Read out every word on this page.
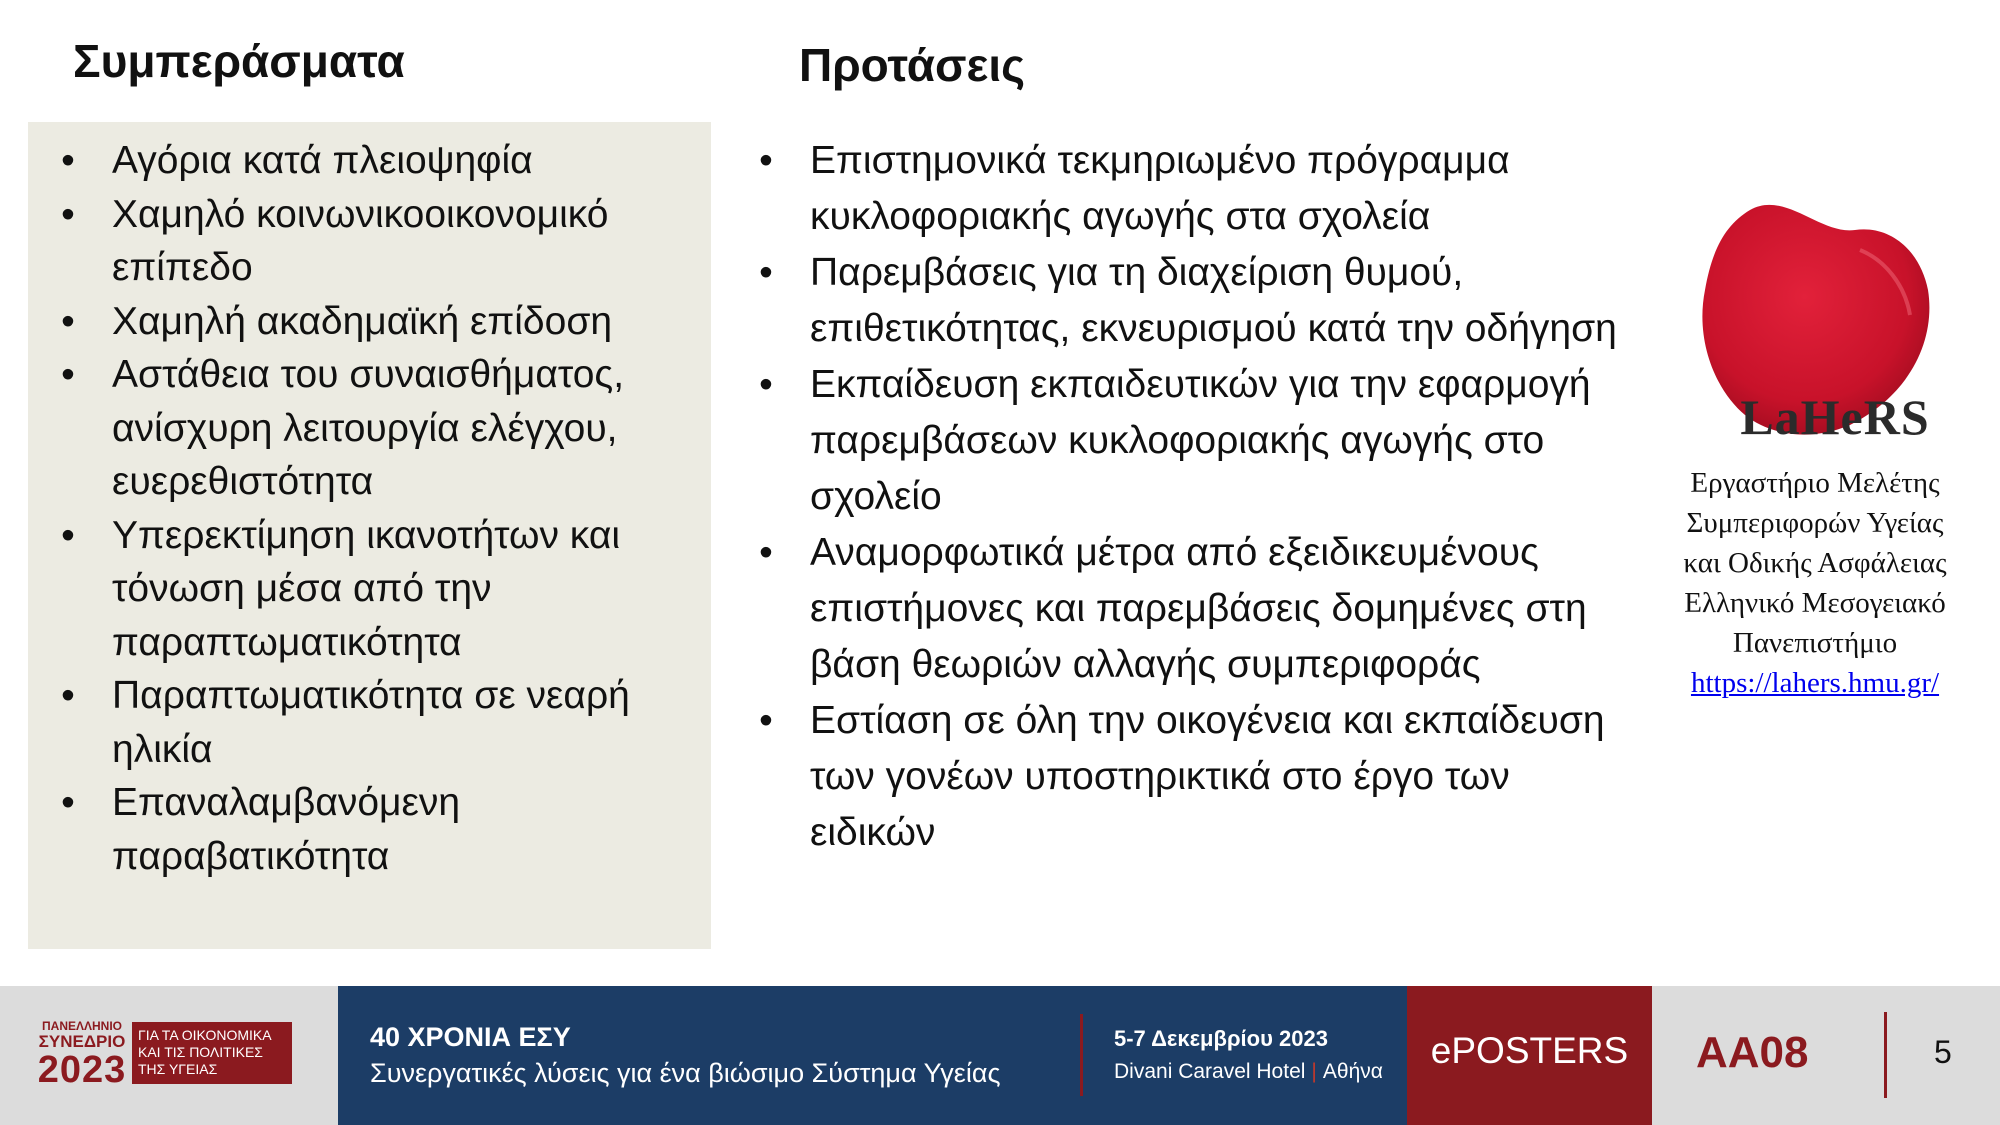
Συμπεράσματα	Προτάσεις
• Αγόρια κατά πλειοψηφία
• Χαμηλό κοινωνικοοικονομικό επίπεδο
• Χαμηλή ακαδημαϊκή επίδοση
• Αστάθεια του συναισθήματος, ανίσχυρη λειτουργία ελέγχου, ευερεθιστότητα
• Υπερεκτίμηση ικανοτήτων και τόνωση μέσα από την παραπτωματικότητα
• Παραπτωματικότητα σε νεαρή ηλικία
• Επαναλαμβανόμενη παραβατικότητα
• Επιστημονικά τεκμηριωμένο πρόγραμμα κυκλοφοριακής αγωγής στα σχολεία
• Παρεμβάσεις για τη διαχείριση θυμού, επιθετικότητας, εκνευρισμού κατά την οδήγηση
• Εκπαίδευση εκπαιδευτικών για την εφαρμογή παρεμβάσεων κυκλοφοριακής αγωγής στο σχολείο
• Αναμορφωτικά μέτρα από εξειδικευμένους επιστήμονες και παρεμβάσεις δομημένες στη βάση θεωριών αλλαγής συμπεριφοράς
• Εστίαση σε όλη την οικογένεια και εκπαίδευση των γονέων υποστηρικτικά στο έργο των ειδικών
LaHeRS
Εργαστήριο Μελέτης
Συμπεριφορών Υγείας
και Οδικής Ασφάλειας
Ελληνικό Μεσογειακό
Πανεπιστήμιο
https://lahers.hmu.gr/
ΠΑΝΕΛΛΗΝΙΟ
ΣΥΝΕΔΡΙΟ
2023
ΓΙΑ ΤΑ ΟΙΚΟΝΟΜΙΚΑ ΚΑΙ ΤΙΣ ΠΟΛΙΤΙΚΕΣ ΤΗΣ ΥΓΕΙΑΣ
40 ΧΡΟΝΙΑ ΕΣΥ
Συνεργατικές λύσεις για ένα βιώσιμο Σύστημα Υγείας
5-7 Δεκεμβρίου 2023
Divani Caravel Hotel | Αθήνα
ePOSTERS	AA08	5
